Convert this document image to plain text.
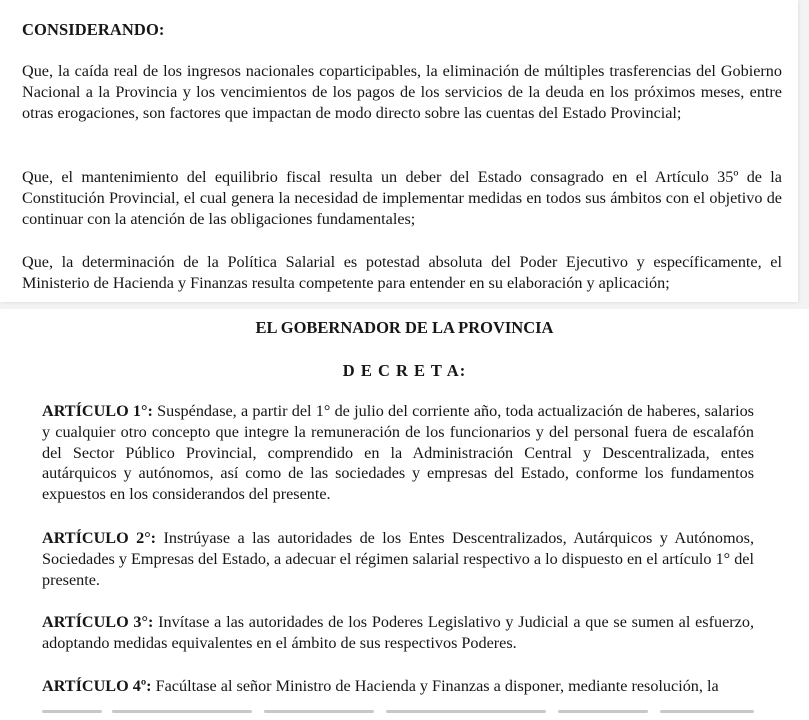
CONSIDERANDO:

Que, la caída real de los ingresos nacionales coparticipables, la eliminación de múltiples trasferencias del Gobierno Nacional a la Provincia y los vencimientos de los pagos de los servicios de la deuda en los próximos meses, entre otras erogaciones, son factores que impactan de modo directo sobre las cuentas del Estado Provincial;

Que, el mantenimiento del equilibrio fiscal resulta un deber del Estado consagrado en el Artículo 35º de la Constitución Provincial, el cual genera la necesidad de implementar medidas en todos sus ámbitos con el objetivo de continuar con la atención de las obligaciones fundamentales;

Que, la determinación de la Política Salarial es potestad absoluta del Poder Ejecutivo y específicamente, el Ministerio de Hacienda y Finanzas resulta competente para entender en su elaboración y aplicación;

EL GOBERNADOR DE LA PROVINCIA
D E C R E T A:

ARTÍCULO 1°: Suspéndase, a partir del 1° de julio del corriente año, toda actualización de haberes, salarios y cualquier otro concepto que integre la remuneración de los funcionarios y del personal fuera de escalafón del Sector Público Provincial, comprendido en la Administración Central y Descentralizada, entes autárquicos y autónomos, así como de las sociedades y empresas del Estado, conforme los fundamentos expuestos en los considerandos del presente.

ARTÍCULO 2°: Instrúyase a las autoridades de los Entes Descentralizados, Autárquicos y Autónomos, Sociedades y Empresas del Estado, a adecuar el régimen salarial respectivo a lo dispuesto en el artículo 1° del presente.

ARTÍCULO 3°: Invítase a las autoridades de los Poderes Legislativo y Judicial a que se sumen al esfuerzo, adoptando medidas equivalentes en el ámbito de sus respectivos Poderes.

ARTÍCULO 4º: Facúltase al señor Ministro de Hacienda y Finanzas a disponer, mediante resolución, la
